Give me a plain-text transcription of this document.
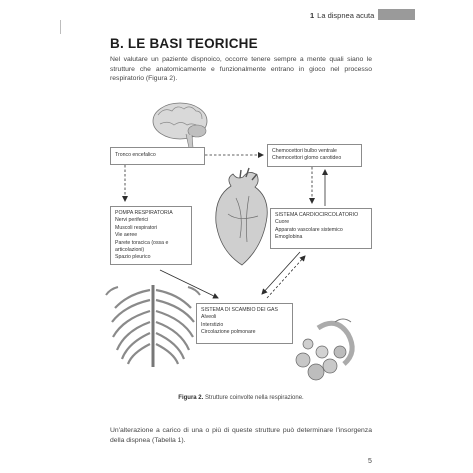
1 La dispnea acuta
B. LE BASI TEORICHE
Nel valutare un paziente dispnoico, occorre tenere sempre a mente quali siano le strutture che anatomicamente e funzionalmente entrano in gioco nel processo respiratorio (Figura 2).
Tronco encefalico
Chemocettori bulbo ventrale
Chemocettori glomo carotideo
POMPA RESPIRATORIA
Nervi periferici
Muscoli respiratori
Vie aeree
Parete toracica (ossa e articolazioni)
Spazio pleurico
SISTEMA CARDIOCIRCOLATORIO
Cuore
Apparato vascolare sistemico
Emoglobina
SISTEMA DI SCAMBIO DEI GAS
Alveoli
Interstizio
Circolazione polmonare
Figura 2. Strutture coinvolte nella respirazione.
Un'alterazione a carico di una o più di queste strutture può determinare l'insorgenza della dispnea (Tabella 1).
5
